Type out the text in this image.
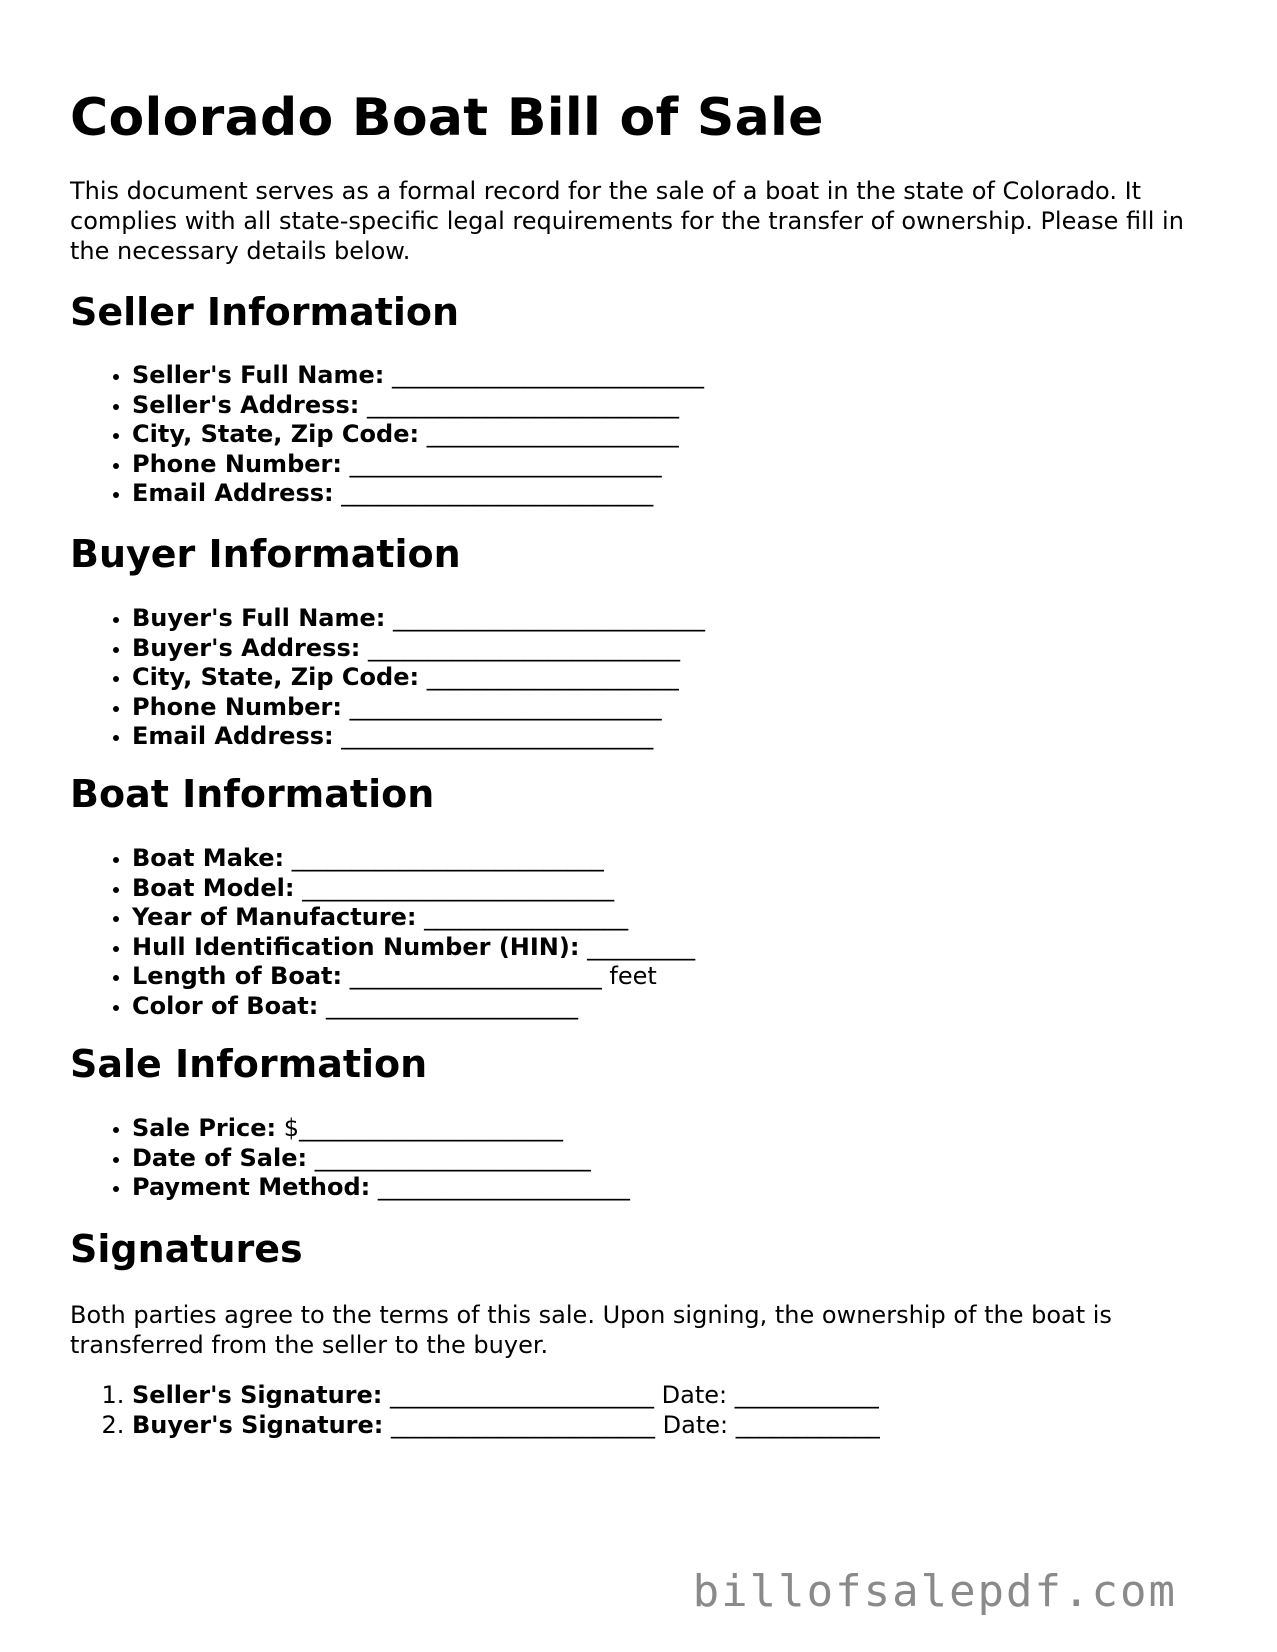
Colorado Boat Bill of Sale

This document serves as a formal record for the sale of a boat in the state of Colorado. It complies with all state-specific legal requirements for the transfer of ownership. Please fill in the necessary details below.

Seller Information
• Seller's Full Name: __________________________
• Seller's Address: __________________________
• City, State, Zip Code: _____________________
• Phone Number: __________________________
• Email Address: __________________________
Buyer Information
• Buyer's Full Name: __________________________
• Buyer's Address: __________________________
• City, State, Zip Code: _____________________
• Phone Number: __________________________
• Email Address: __________________________
Boat Information
• Boat Make: __________________________
• Boat Model: __________________________
• Year of Manufacture: _________________
• Hull Identification Number (HIN): _________
• Length of Boat: _____________________ feet
• Color of Boat: _____________________
Sale Information
• Sale Price: $______________________
• Date of Sale: _______________________
• Payment Method: _____________________
Signatures

Both parties agree to the terms of this sale. Upon signing, the ownership of the boat is transferred from the seller to the buyer.

1. Seller's Signature: ______________________ Date: ____________
2. Buyer's Signature: ______________________ Date: ____________
billofsalepdf.com
